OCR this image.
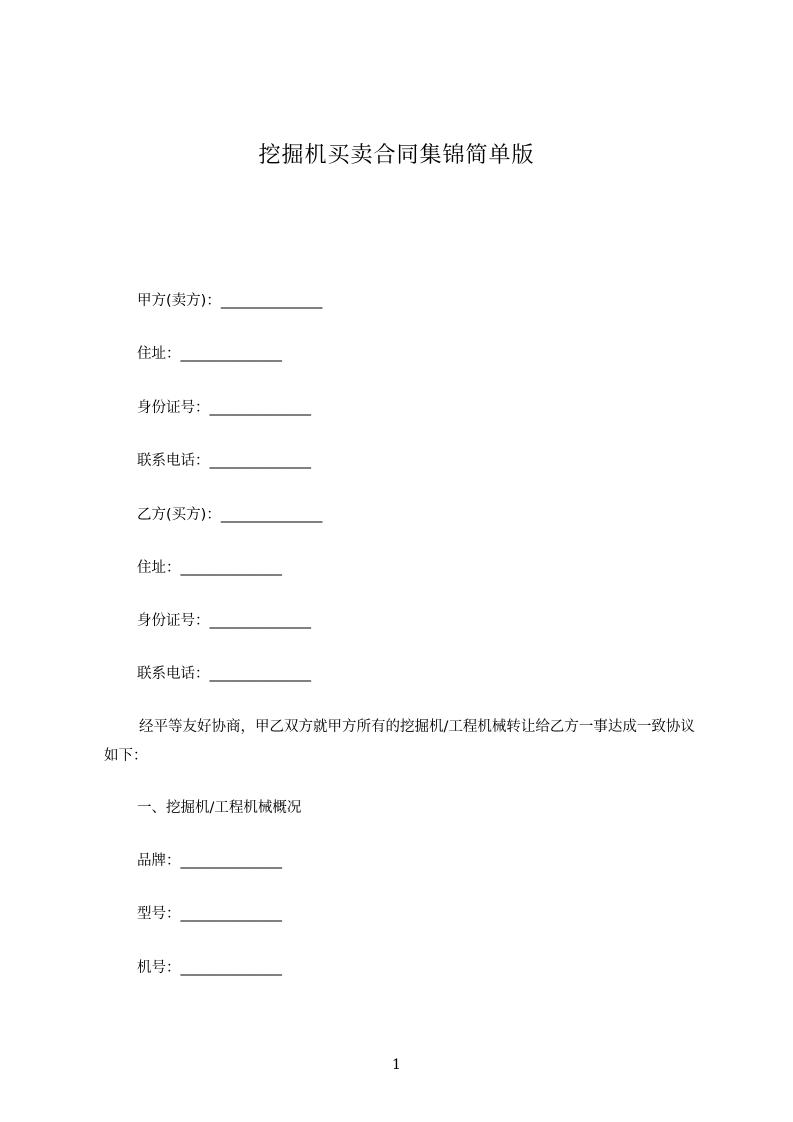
挖掘机买卖合同集锦简单版
甲方(卖方)：______________
住址：______________
身份证号：______________
联系电话：______________
乙方(买方)：______________
住址：______________
身份证号：______________
联系电话：______________
经平等友好协商，甲乙双方就甲方所有的挖掘机/工程机械转让给乙方一事达成一致协议如下：
一、挖掘机/工程机械概况
品牌：______________
型号：______________
机号：______________
1
